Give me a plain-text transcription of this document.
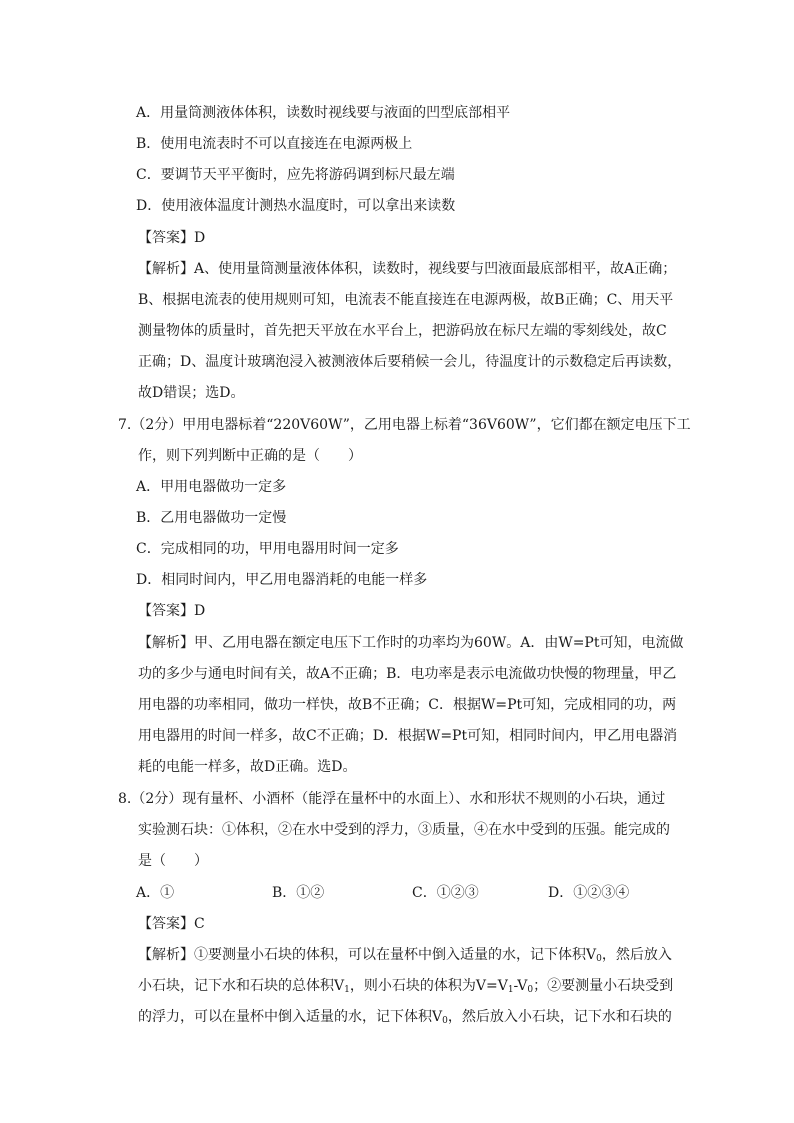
A．用量筒测液体体积，读数时视线要与液面的凹型底部相平
B．使用电流表时不可以直接连在电源两极上
C．要调节天平平衡时，应先将游码调到标尺最左端
D．使用液体温度计测热水温度时，可以拿出来读数
【答案】D
【解析】A、使用量筒测量液体体积，读数时，视线要与凹液面最底部相平，故A正确；
B、根据电流表的使用规则可知，电流表不能直接连在电源两极，故B正确；C、用天平
测量物体的质量时，首先把天平放在水平台上，把游码放在标尺左端的零刻线处，故C
正确；D、温度计玻璃泡浸入被测液体后要稍候一会儿，待温度计的示数稳定后再读数，
故D错误；选D。
7.（2分）甲用电器标着“220V60W”，乙用电器上标着“36V60W”，它们都在额定电压下工
作，则下列判断中正确的是（　　）
A．甲用电器做功一定多
B．乙用电器做功一定慢
C．完成相同的功，甲用电器用时间一定多
D．相同时间内，甲乙用电器消耗的电能一样多
【答案】D
【解析】甲、乙用电器在额定电压下工作时的功率均为60W。A．由W=Pt可知，电流做
功的多少与通电时间有关，故A不正确；B．电功率是表示电流做功快慢的物理量，甲乙
用电器的功率相同，做功一样快，故B不正确；C．根据W=Pt可知，完成相同的功，两
用电器用的时间一样多，故C不正确；D．根据W=Pt可知，相同时间内，甲乙用电器消
耗的电能一样多，故D正确。选D。
8.（2分）现有量杯、小酒杯（能浮在量杯中的水面上）、水和形状不规则的小石块，通过
实验测石块：①体积，②在水中受到的浮力，③质量，④在水中受到的压强。能完成的
是（　　）
A．①	B．①②	C．①②③	D．①②③④
【答案】C
【解析】①要测量小石块的体积，可以在量杯中倒入适量的水，记下体积$V_0$，然后放入
小石块，记下水和石块的总体积$V_1$，则小石块的体积为$V=V_1-V_0$；②要测量小石块受到
的浮力，可以在量杯中倒入适量的水，记下体积$V_0$，然后放入小石块，记下水和石块的
